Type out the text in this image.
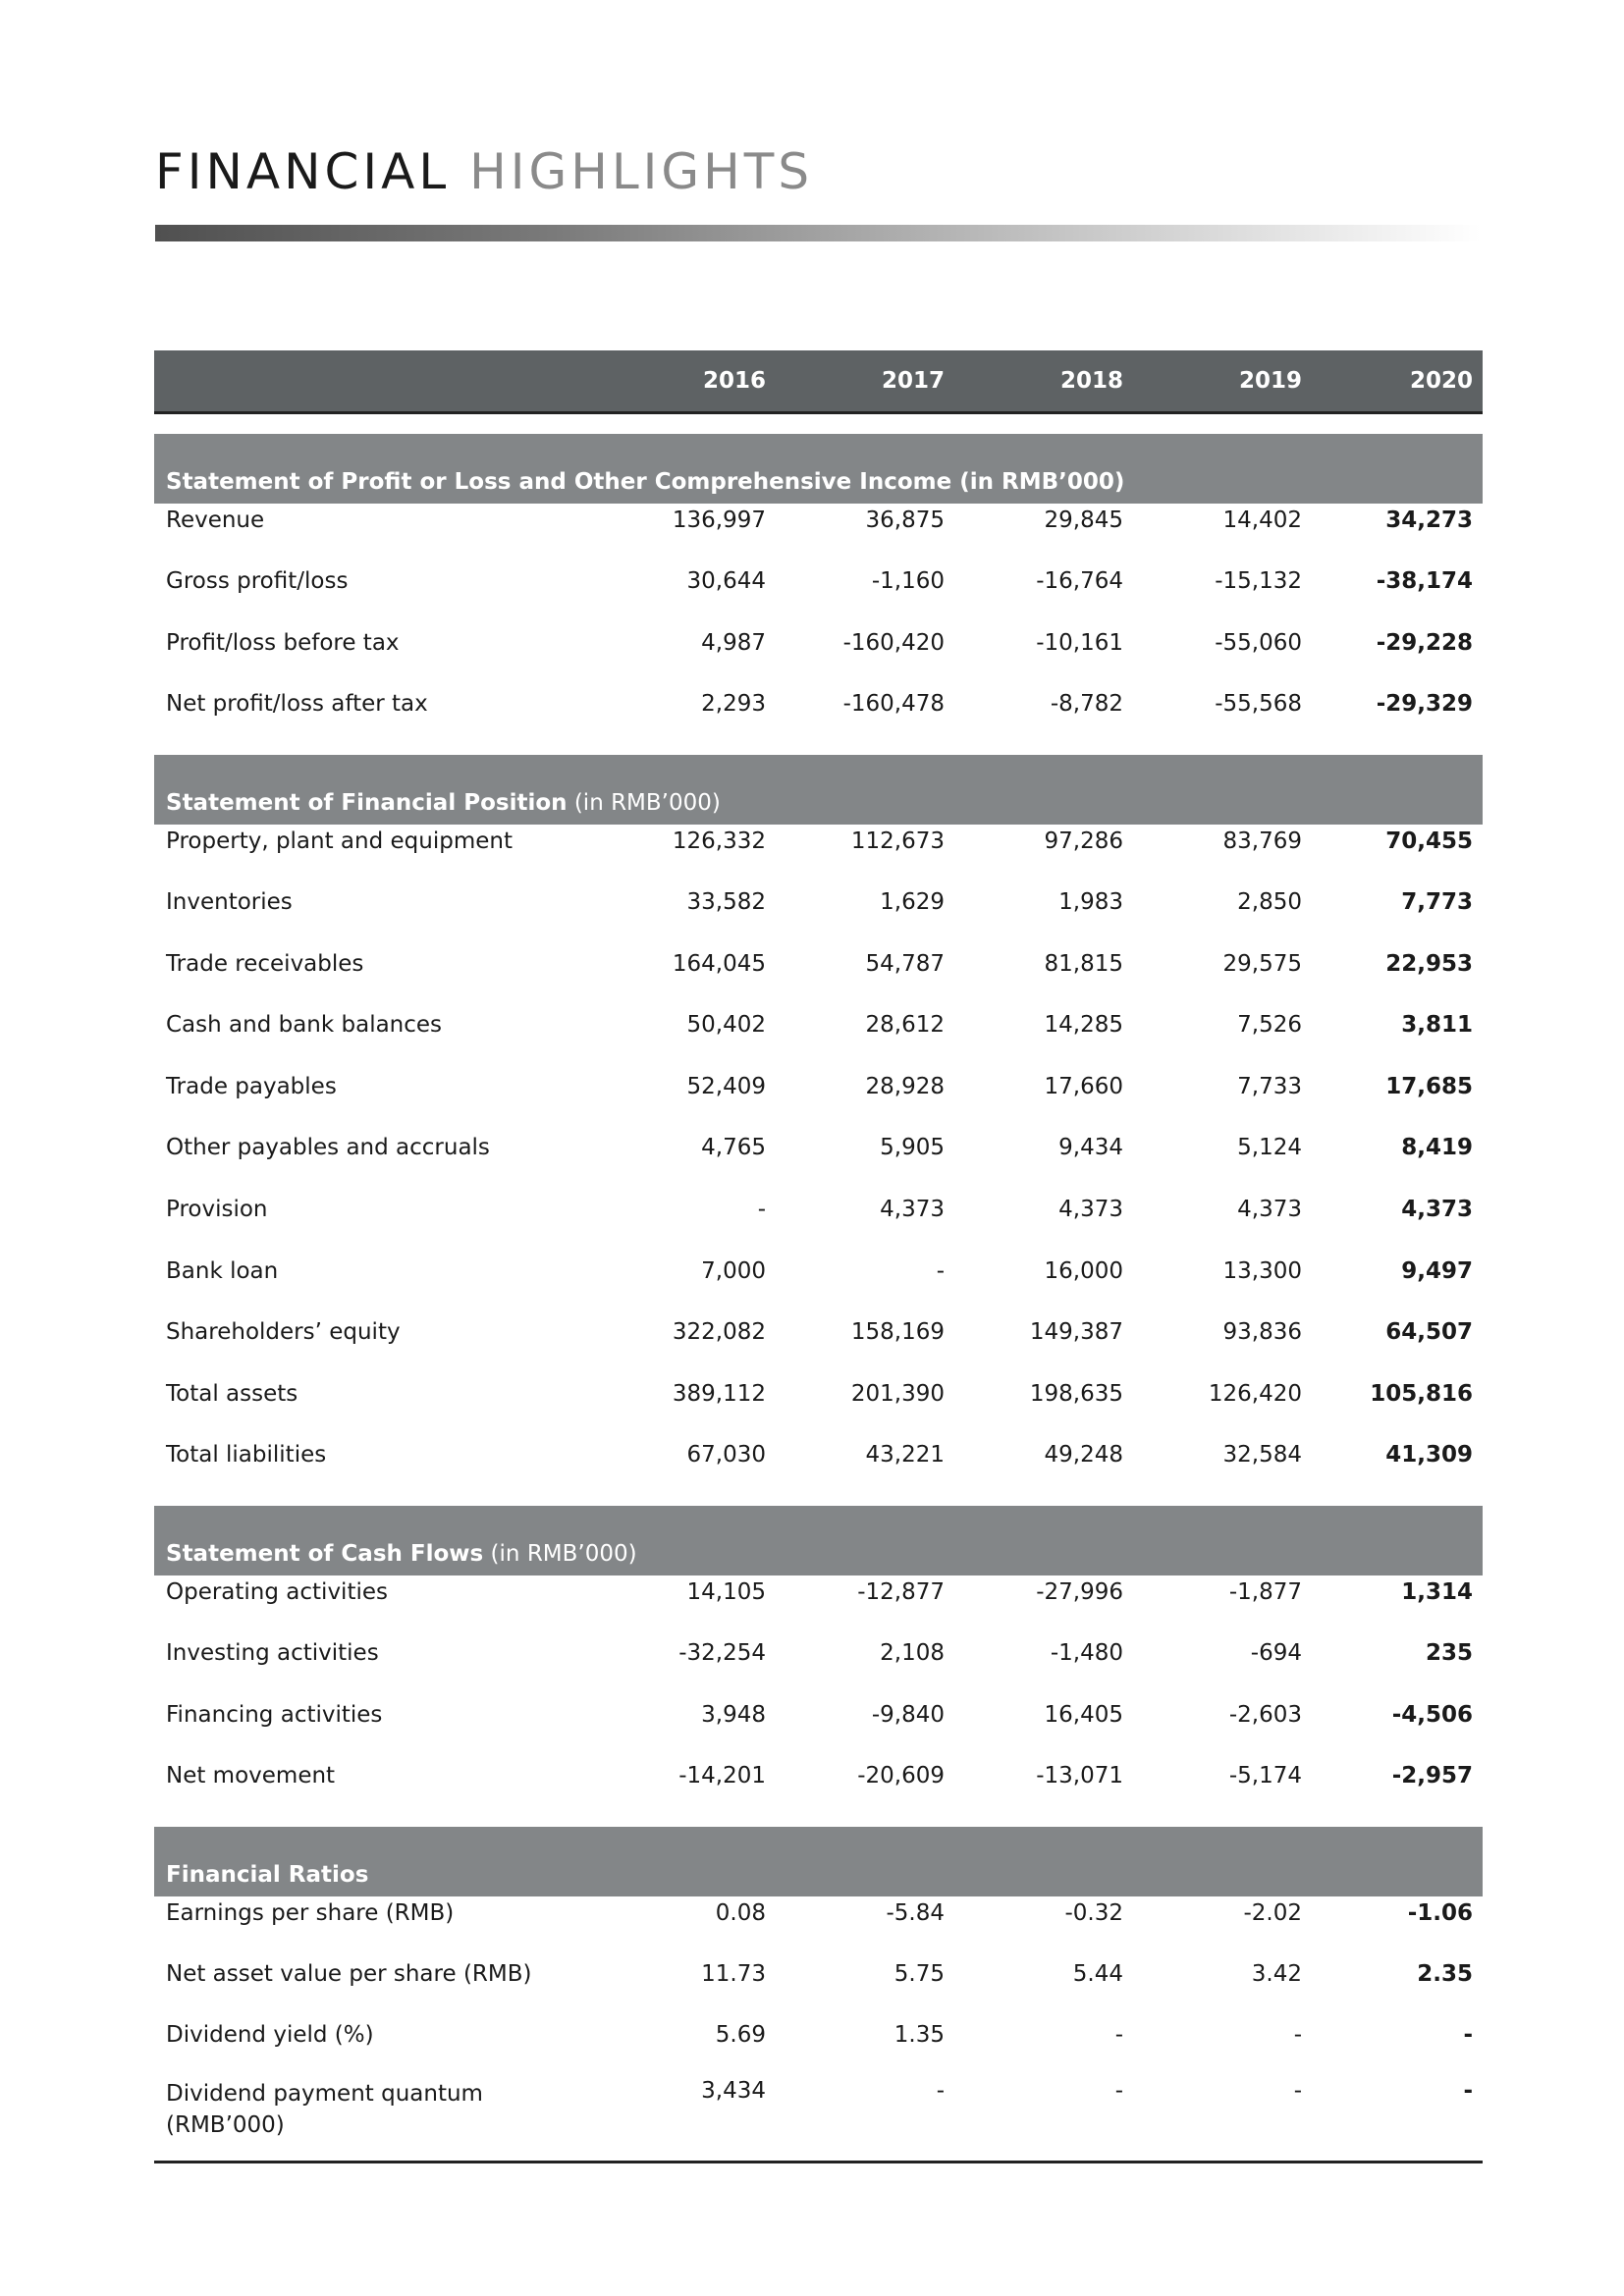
FINANCIAL HIGHLIGHTS
	2016	2017	2018	2019	2020

Statement of Profit or Loss and Other Comprehensive Income (in RMB’000)					
Revenue	136,997	36,875	29,845	14,402	34,273
Gross profit/loss	30,644	-1,160	-16,764	-15,132	-38,174
Profit/loss before tax	4,987	-160,420	-10,161	-55,060	-29,228
Net profit/loss after tax	2,293	-160,478	-8,782	-55,568	-29,329

Statement of Financial Position (in RMB’000)					
Property, plant and equipment	126,332	112,673	97,286	83,769	70,455
Inventories	33,582	1,629	1,983	2,850	7,773
Trade receivables	164,045	54,787	81,815	29,575	22,953
Cash and bank balances	50,402	28,612	14,285	7,526	3,811
Trade payables	52,409	28,928	17,660	7,733	17,685
Other payables and accruals	4,765	5,905	9,434	5,124	8,419
Provision	-	4,373	4,373	4,373	4,373
Bank loan	7,000	-	16,000	13,300	9,497
Shareholders’ equity	322,082	158,169	149,387	93,836	64,507
Total assets	389,112	201,390	198,635	126,420	105,816
Total liabilities	67,030	43,221	49,248	32,584	41,309

Statement of Cash Flows (in RMB’000)					
Operating activities	14,105	-12,877	-27,996	-1,877	1,314
Investing activities	-32,254	2,108	-1,480	-694	235
Financing activities	3,948	-9,840	16,405	-2,603	-4,506
Net movement	-14,201	-20,609	-13,071	-5,174	-2,957

Financial Ratios					
Earnings per share (RMB)	0.08	-5.84	-0.32	-2.02	-1.06
Net asset value per share (RMB)	11.73	5.75	5.44	3.42	2.35
Dividend yield (%)	5.69	1.35	-	-	-
Dividend payment quantum (RMB’000)	3,434	-	-	-	-
